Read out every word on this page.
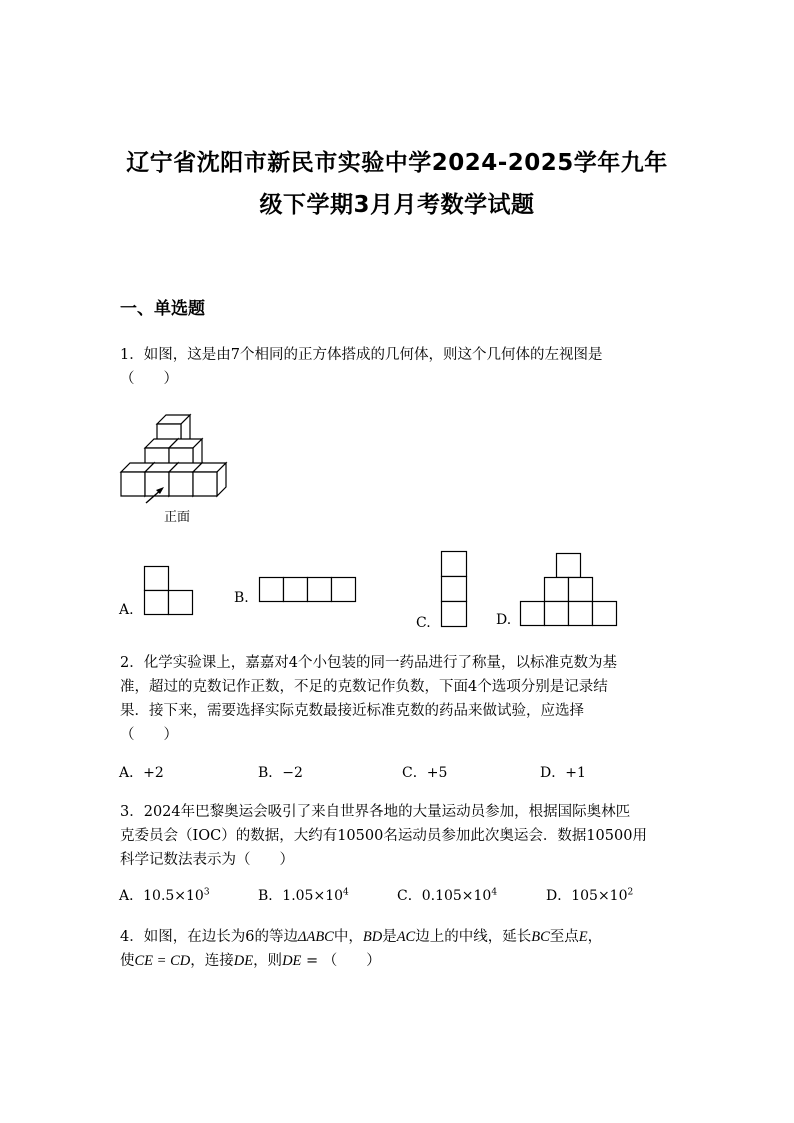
辽宁省沈阳市新民市实验中学2024-2025学年九年
级下学期3月月考数学试题
一、单选题
1．如图，这是由7个相同的正方体搭成的几何体，则这个几何体的左视图是
（　　）
正面
A.
B.
C.	D.
2．化学实验课上，嘉嘉对4个小包装的同一药品进行了称量，以标准克数为基
准，超过的克数记作正数，不足的克数记作负数，下面4个选项分别是记录结
果．接下来，需要选择实际克数最接近标准克数的药品来做试验，应选择
（　　）
A．+2	B．−2	C．+5	D．+1
3．2024年巴黎奥运会吸引了来自世界各地的大量运动员参加，根据国际奥林匹
克委员会（IOC）的数据，大约有10500名运动员参加此次奥运会．数据10500用
科学记数法表示为（　　）
A．$10.5\times 10^3$	B．$1.05\times 10^4$	C．$0.105\times 10^4$	D．$105\times 10^2$
4．如图，在边长为6的等边ΔABC中，BD是AC边上的中线，延长BC至点E，
使CE = CD，连接DE，则DE = （　　）
